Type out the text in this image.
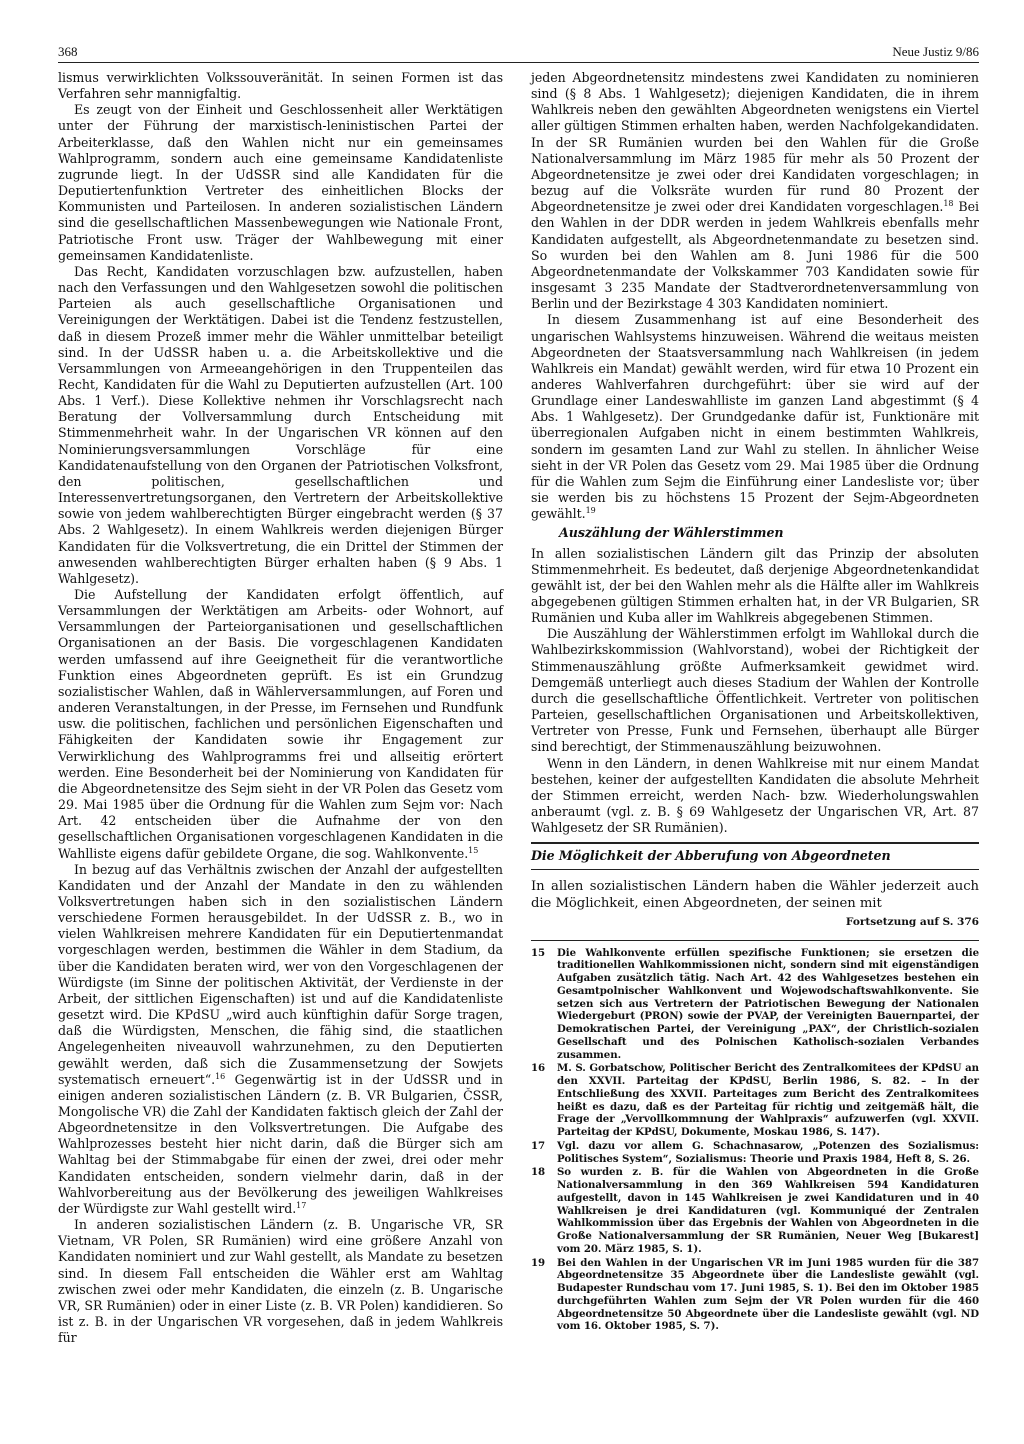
368	Neue Justiz 9/86

lismus verwirklichten Volkssouveränität. In seinen Formen ist das Verfahren sehr mannigfaltig.

Es zeugt von der Einheit und Geschlossenheit aller Werktätigen unter der Führung der marxistisch-leninistischen Partei der Arbeiterklasse, daß den Wahlen nicht nur ein gemeinsames Wahlprogramm, sondern auch eine gemeinsame Kandidatenliste zugrunde liegt. In der UdSSR sind alle Kandidaten für die Deputiertenfunktion Vertreter des einheitlichen Blocks der Kommunisten und Parteilosen. In anderen sozialistischen Ländern sind die gesellschaftlichen Massenbewegungen wie Nationale Front, Patriotische Front usw. Träger der Wahlbewegung mit einer gemeinsamen Kandidatenliste.

Das Recht, Kandidaten vorzuschlagen bzw. aufzustellen, haben nach den Verfassungen und den Wahlgesetzen sowohl die politischen Parteien als auch gesellschaftliche Organisationen und Vereinigungen der Werktätigen. Dabei ist die Tendenz festzustellen, daß in diesem Prozeß immer mehr die Wähler unmittelbar beteiligt sind. In der UdSSR haben u. a. die Arbeitskollektive und die Versammlungen von Armeeangehörigen in den Truppenteilen das Recht, Kandidaten für die Wahl zu Deputierten aufzustellen (Art. 100 Abs. 1 Verf.). Diese Kollektive nehmen ihr Vorschlagsrecht nach Beratung der Vollversammlung durch Entscheidung mit Stimmenmehrheit wahr. In der Ungarischen VR können auf den Nominierungsversammlungen Vorschläge für eine Kandidatenaufstellung von den Organen der Patriotischen Volksfront, den politischen, gesellschaftlichen und Interessenvertretungsorganen, den Vertretern der Arbeitskollektive sowie von jedem wahlberechtigten Bürger eingebracht werden (§ 37 Abs. 2 Wahlgesetz). In einem Wahlkreis werden diejenigen Bürger Kandidaten für die Volksvertretung, die ein Drittel der Stimmen der anwesenden wahlberechtigten Bürger erhalten haben (§ 9 Abs. 1 Wahlgesetz).

Die Aufstellung der Kandidaten erfolgt öffentlich, auf Versammlungen der Werktätigen am Arbeits- oder Wohnort, auf Versammlungen der Parteiorganisationen und gesellschaftlichen Organisationen an der Basis. Die vorgeschlagenen Kandidaten werden umfassend auf ihre Geeignetheit für die verantwortliche Funktion eines Abgeordneten geprüft. Es ist ein Grundzug sozialistischer Wahlen, daß in Wählerversammlungen, auf Foren und anderen Veranstaltungen, in der Presse, im Fernsehen und Rundfunk usw. die politischen, fachlichen und persönlichen Eigenschaften und Fähigkeiten der Kandidaten sowie ihr Engagement zur Verwirklichung des Wahlprogramms frei und allseitig erörtert werden. Eine Besonderheit bei der Nominierung von Kandidaten für die Abgeordnetensitze des Sejm sieht in der VR Polen das Gesetz vom 29. Mai 1985 über die Ordnung für die Wahlen zum Sejm vor: Nach Art. 42 entscheiden über die Aufnahme der von den gesellschaftlichen Organisationen vorgeschlagenen Kandidaten in die Wahlliste eigens dafür gebildete Organe, die sog. Wahlkonvente.$^{15}$

In bezug auf das Verhältnis zwischen der Anzahl der aufgestellten Kandidaten und der Anzahl der Mandate in den zu wählenden Volksvertretungen haben sich in den sozialistischen Ländern verschiedene Formen herausgebildet. In der UdSSR z. B., wo in vielen Wahlkreisen mehrere Kandidaten für ein Deputiertenmandat vorgeschlagen werden, bestimmen die Wähler in dem Stadium, da über die Kandidaten beraten wird, wer von den Vorgeschlagenen der Würdigste (im Sinne der politischen Aktivität, der Verdienste in der Arbeit, der sittlichen Eigenschaften) ist und auf die Kandidatenliste gesetzt wird. Die KPdSU „wird auch künftighin dafür Sorge tragen, daß die Würdigsten, Menschen, die fähig sind, die staatlichen Angelegenheiten niveauvoll wahrzunehmen, zu den Deputierten gewählt werden, daß sich die Zusammensetzung der Sowjets systematisch erneuert“.$^{16}$ Gegenwärtig ist in der UdSSR und in einigen anderen sozialistischen Ländern (z. B. VR Bulgarien, ČSSR, Mongolische VR) die Zahl der Kandidaten faktisch gleich der Zahl der Abgeordnetensitze in den Volksvertretungen. Die Aufgabe des Wahlprozesses besteht hier nicht darin, daß die Bürger sich am Wahltag bei der Stimmabgabe für einen der zwei, drei oder mehr Kandidaten entscheiden, sondern vielmehr darin, daß in der Wahlvorbereitung aus der Bevölkerung des jeweiligen Wahlkreises der Würdigste zur Wahl gestellt wird.$^{17}$

In anderen sozialistischen Ländern (z. B. Ungarische VR, SR Vietnam, VR Polen, SR Rumänien) wird eine größere Anzahl von Kandidaten nominiert und zur Wahl gestellt, als Mandate zu besetzen sind. In diesem Fall entscheiden die Wähler erst am Wahltag zwischen zwei oder mehr Kandidaten, die einzeln (z. B. Ungarische VR, SR Rumänien) oder in einer Liste (z. B. VR Polen) kandidieren. So ist z. B. in der Ungarischen VR vorgesehen, daß in jedem Wahlkreis für

jeden Abgeordnetensitz mindestens zwei Kandidaten zu nominieren sind (§ 8 Abs. 1 Wahlgesetz); diejenigen Kandidaten, die in ihrem Wahlkreis neben den gewählten Abgeordneten wenigstens ein Viertel aller gültigen Stimmen erhalten haben, werden Nachfolgekandidaten. In der SR Rumänien wurden bei den Wahlen für die Große Nationalversammlung im März 1985 für mehr als 50 Prozent der Abgeordnetensitze je zwei oder drei Kandidaten vorgeschlagen; in bezug auf die Volksräte wurden für rund 80 Prozent der Abgeordnetensitze je zwei oder drei Kandidaten vorgeschlagen.$^{18}$ Bei den Wahlen in der DDR werden in jedem Wahlkreis ebenfalls mehr Kandidaten aufgestellt, als Abgeordnetenmandate zu besetzen sind. So wurden bei den Wahlen am 8. Juni 1986 für die 500 Abgeordnetenmandate der Volkskammer 703 Kandidaten sowie für insgesamt 3 235 Mandate der Stadtverordnetenversammlung von Berlin und der Bezirkstage 4 303 Kandidaten nominiert.

In diesem Zusammenhang ist auf eine Besonderheit des ungarischen Wahlsystems hinzuweisen. Während die weitaus meisten Abgeordneten der Staatsversammlung nach Wahlkreisen (in jedem Wahlkreis ein Mandat) gewählt werden, wird für etwa 10 Prozent ein anderes Wahlverfahren durchgeführt: über sie wird auf der Grundlage einer Landeswahlliste im ganzen Land abgestimmt (§ 4 Abs. 1 Wahlgesetz). Der Grundgedanke dafür ist, Funktionäre mit überregionalen Aufgaben nicht in einem bestimmten Wahlkreis, sondern im gesamten Land zur Wahl zu stellen. In ähnlicher Weise sieht in der VR Polen das Gesetz vom 29. Mai 1985 über die Ordnung für die Wahlen zum Sejm die Einführung einer Landesliste vor; über sie werden bis zu höchstens 15 Prozent der Sejm-Abgeordneten gewählt.$^{19}$

Auszählung der Wählerstimmen

In allen sozialistischen Ländern gilt das Prinzip der absoluten Stimmenmehrheit. Es bedeutet, daß derjenige Abgeordnetenkandidat gewählt ist, der bei den Wahlen mehr als die Hälfte aller im Wahlkreis abgegebenen gültigen Stimmen erhalten hat, in der VR Bulgarien, SR Rumänien und Kuba aller im Wahlkreis abgegebenen Stimmen.

Die Auszählung der Wählerstimmen erfolgt im Wahllokal durch die Wahlbezirkskommission (Wahlvorstand), wobei der Richtigkeit der Stimmenauszählung größte Aufmerksamkeit gewidmet wird. Demgemäß unterliegt auch dieses Stadium der Wahlen der Kontrolle durch die gesellschaftliche Öffentlichkeit. Vertreter von politischen Parteien, gesellschaftlichen Organisationen und Arbeitskollektiven, Vertreter von Presse, Funk und Fernsehen, überhaupt alle Bürger sind berechtigt, der Stimmenauszählung beizuwohnen.

Wenn in den Ländern, in denen Wahlkreise mit nur einem Mandat bestehen, keiner der aufgestellten Kandidaten die absolute Mehrheit der Stimmen erreicht, werden Nach- bzw. Wiederholungswahlen anberaumt (vgl. z. B. § 69 Wahlgesetz der Ungarischen VR, Art. 87 Wahlgesetz der SR Rumänien).

Die Möglichkeit der Abberufung von Abgeordneten

In allen sozialistischen Ländern haben die Wähler jederzeit auch die Möglichkeit, einen Abgeordneten, der seinen mit

Fortsetzung auf S. 376
15	Die Wahlkonvente erfüllen spezifische Funktionen; sie ersetzen die traditionellen Wahlkommissionen nicht, sondern sind mit eigenständigen Aufgaben zusätzlich tätig. Nach Art. 42 des Wahlgesetzes bestehen ein Gesamtpolnischer Wahlkonvent und Wojewodschaftswahlkonvente. Sie setzen sich aus Vertretern der Patriotischen Bewegung der Nationalen Wiedergeburt (PRON) sowie der PVAP, der Vereinigten Bauernpartei, der Demokratischen Partei, der Vereinigung „PAX“, der Christlich-sozialen Gesellschaft und des Polnischen Katholisch-sozialen Verbandes zusammen.
16	M. S. Gorbatschow, Politischer Bericht des Zentralkomitees der KPdSU an den XXVII. Parteitag der KPdSU, Berlin 1986, S. 82. – In der Entschließung des XXVII. Parteitages zum Bericht des Zentralkomitees heißt es dazu, daß es der Parteitag für richtig und zeitgemäß hält, die Frage der „Vervollkommnung der Wahlpraxis“ aufzuwerfen (vgl. XXVII. Parteitag der KPdSU, Dokumente, Moskau 1986, S. 147).
17	Vgl. dazu vor allem G. Schachnasarow, „Potenzen des Sozialismus: Politisches System“, Sozialismus: Theorie und Praxis 1984, Heft 8, S. 26.
18	So wurden z. B. für die Wahlen von Abgeordneten in die Große Nationalversammlung in den 369 Wahlkreisen 594 Kandidaturen aufgestellt, davon in 145 Wahlkreisen je zwei Kandidaturen und in 40 Wahlkreisen je drei Kandidaturen (vgl. Kommuniqué der Zentralen Wahlkommission über das Ergebnis der Wahlen von Abgeordneten in die Große Nationalversammlung der SR Rumänien, Neuer Weg [Bukarest] vom 20. März 1985, S. 1).
19	Bei den Wahlen in der Ungarischen VR im Juni 1985 wurden für die 387 Abgeordnetensitze 35 Abgeordnete über die Landesliste gewählt (vgl. Budapester Rundschau vom 17. Juni 1985, S. 1). Bei den im Oktober 1985 durchgeführten Wahlen zum Sejm der VR Polen wurden für die 460 Abgeordnetensitze 50 Abgeordnete über die Landesliste gewählt (vgl. ND vom 16. Oktober 1985, S. 7).
